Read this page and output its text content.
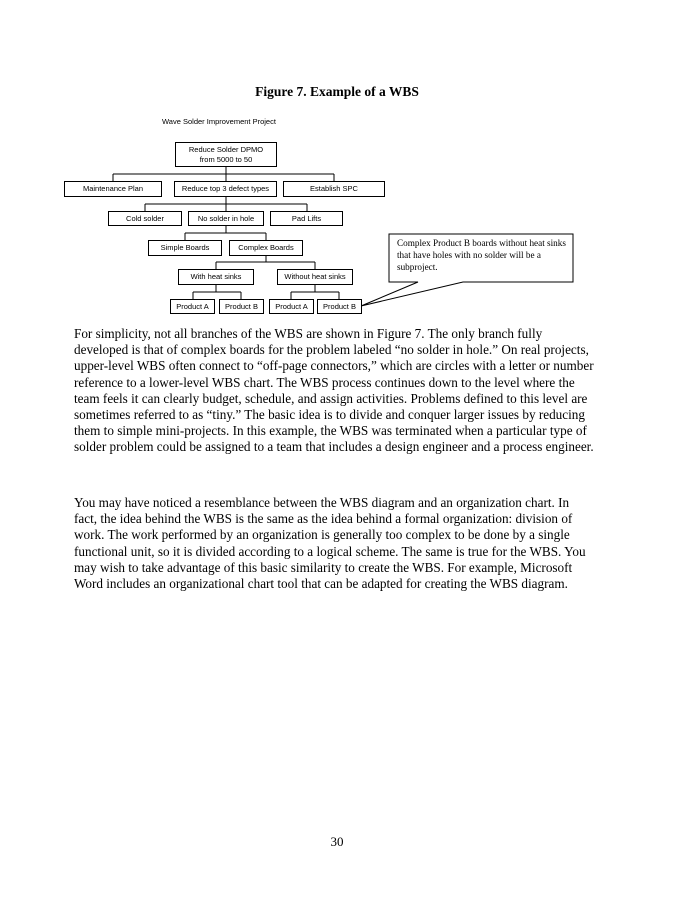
Figure 7. Example of a WBS
Wave Solder Improvement Project
Reduce Solder DPMO
from 5000 to 50
Maintenance Plan	Reduce top 3 defect types	Establish SPC
Cold solder	No solder in hole	Pad Lifts
Simple Boards	Complex Boards
With heat sinks	Without heat sinks
Product A	Product B	Product A	Product B
Complex Product B boards without heat sinks that have holes with no solder will be a subproject.

For simplicity, not all branches of the WBS are shown in Figure 7. The only branch fully developed is that of complex boards for the problem labeled “no solder in hole.” On real projects, upper-level WBS often connect to “off-page connectors,” which are circles with a letter or number reference to a lower-level WBS chart. The WBS process continues down to the level where the team feels it can clearly budget, schedule, and assign activities. Problems defined to this level are sometimes referred to as “tiny.” The basic idea is to divide and conquer larger issues by reducing them to simple mini-projects. In this example, the WBS was terminated when a particular type of solder problem could be assigned to a team that includes a design engineer and a process engineer.

You may have noticed a resemblance between the WBS diagram and an organization chart. In fact, the idea behind the WBS is the same as the idea behind a formal organization: division of work. The work performed by an organization is generally too complex to be done by a single functional unit, so it is divided according to a logical scheme. The same is true for the WBS. You may wish to take advantage of this basic similarity to create the WBS. For example, Microsoft Word includes an organizational chart tool that can be adapted for creating the WBS diagram.

30
